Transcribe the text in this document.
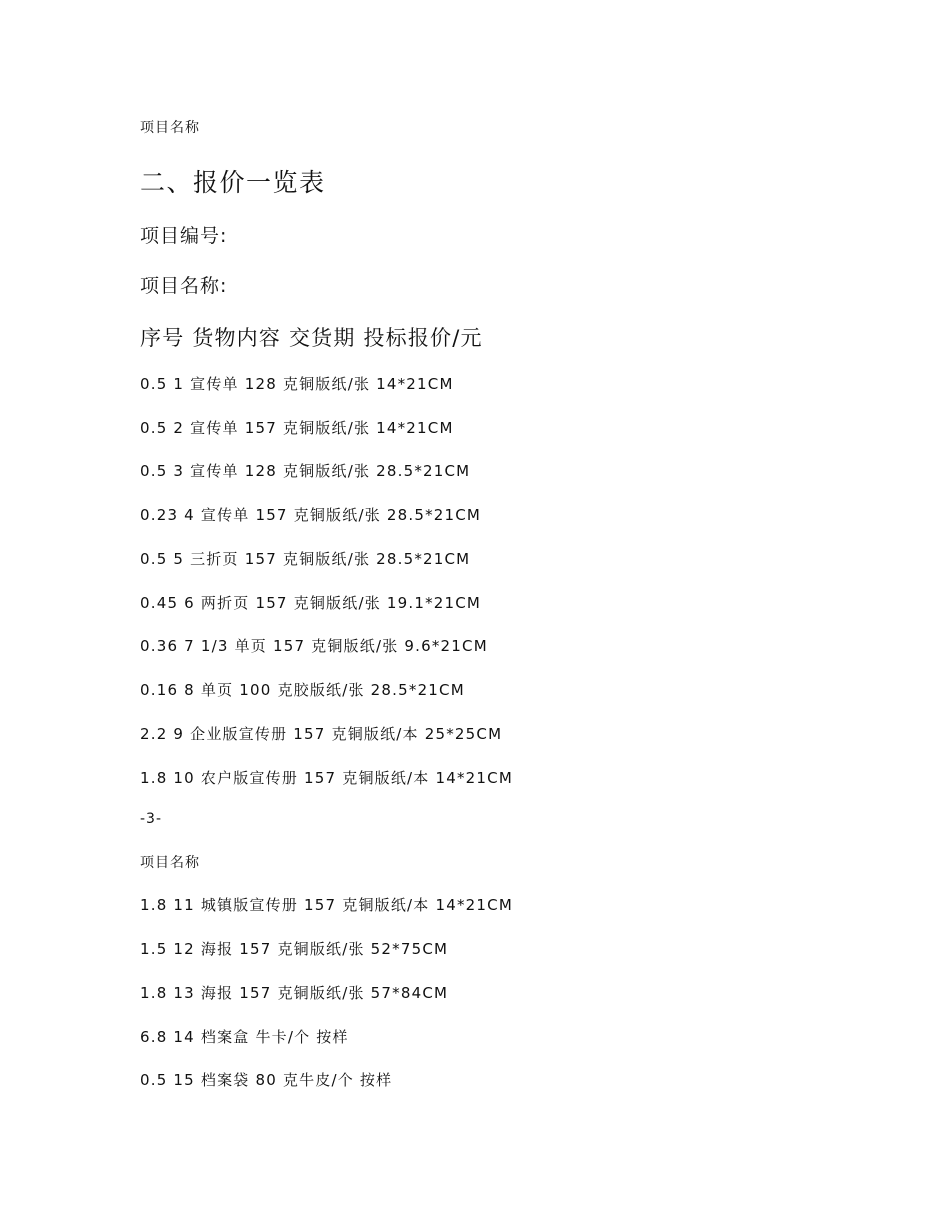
项目名称
二、报价一览表
项目编号:
项目名称:
序号 货物内容 交货期 投标报价/元
0.5 1 宣传单 128 克铜版纸/张 14*21CM
0.5 2 宣传单 157 克铜版纸/张 14*21CM
0.5 3 宣传单 128 克铜版纸/张 28.5*21CM
0.23 4 宣传单 157 克铜版纸/张 28.5*21CM
0.5 5 三折页 157 克铜版纸/张 28.5*21CM
0.45 6 两折页 157 克铜版纸/张 19.1*21CM
0.36 7 1/3 单页 157 克铜版纸/张 9.6*21CM
0.16 8 单页 100 克胶版纸/张 28.5*21CM
2.2 9 企业版宣传册 157 克铜版纸/本 25*25CM
1.8 10 农户版宣传册 157 克铜版纸/本 14*21CM
-3-
项目名称
1.8 11 城镇版宣传册 157 克铜版纸/本 14*21CM
1.5 12 海报 157 克铜版纸/张 52*75CM
1.8 13 海报 157 克铜版纸/张 57*84CM
6.8 14 档案盒 牛卡/个 按样
0.5 15 档案袋 80 克牛皮/个 按样
